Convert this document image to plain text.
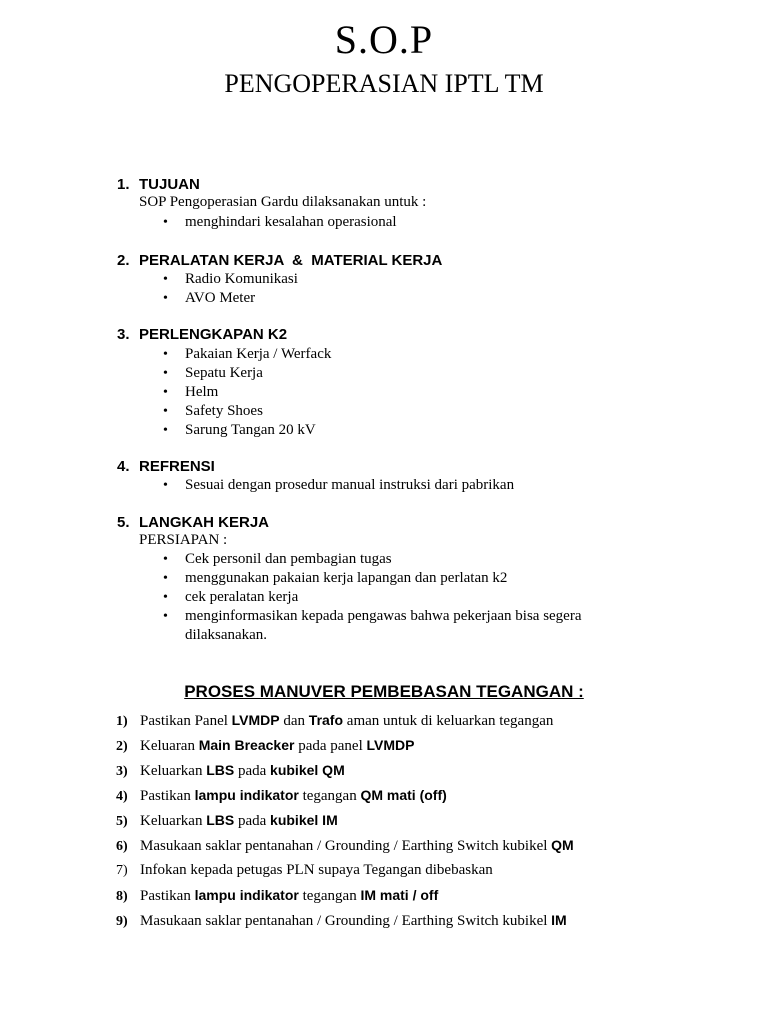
S.O.P
PENGOPERASIAN IPTL TM
1. TUJUAN
SOP Pengoperasian Gardu dilaksanakan untuk :
• menghindari kesalahan operasional
2. PERALATAN KERJA  &  MATERIAL KERJA
• Radio Komunikasi
• AVO Meter
3. PERLENGKAPAN K2
• Pakaian Kerja / Werfack
• Sepatu Kerja
• Helm
• Safety Shoes
• Sarung Tangan 20 kV
4. REFRENSI
• Sesuai dengan prosedur manual instruksi dari pabrikan
5. LANGKAH KERJA
PERSIAPAN :
• Cek personil dan pembagian tugas
• menggunakan pakaian kerja lapangan dan perlatan k2
• cek peralatan kerja
• menginformasikan kepada pengawas bahwa pekerjaan bisa segera
dilaksanakan.
PROSES MANUVER PEMBEBASAN TEGANGAN :
1) Pastikan Panel LVMDP dan Trafo aman untuk di keluarkan tegangan
2) Keluaran Main Breacker pada panel LVMDP
3) Keluarkan LBS pada kubikel QM
4) Pastikan lampu indikator tegangan QM mati (off)
5) Keluarkan LBS pada kubikel IM
6) Masukaan saklar pentanahan / Grounding / Earthing Switch kubikel QM
7) Infokan kepada petugas PLN supaya Tegangan dibebaskan
8) Pastikan lampu indikator tegangan IM mati / off
9) Masukaan saklar pentanahan / Grounding / Earthing Switch kubikel IM
